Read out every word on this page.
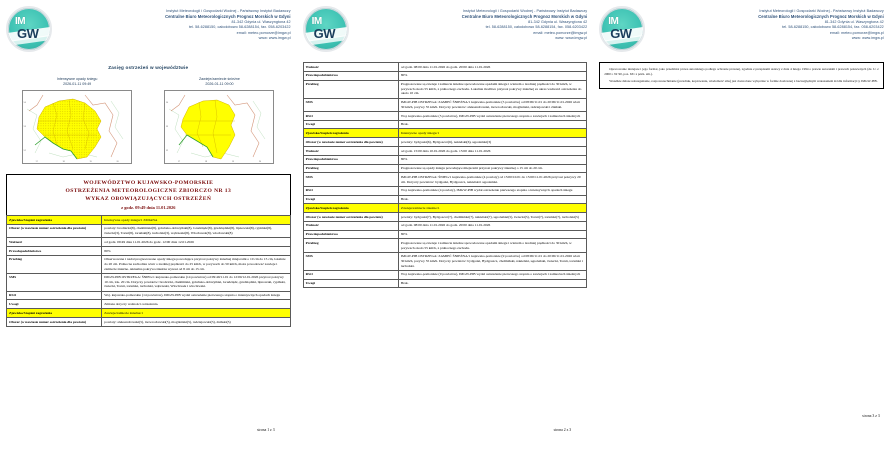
IM
GW
Instytut Meteorologii i Gospodarki Wodnej - Państwowy Instytut Badawczy
Centralne Biuro Meteorologicznych Prognoz Morskich w Gdyni
81-342 Gdynia ul. Waszyngtona 42
tel. 58-6288150, całodobowo 58-6288154, fax. 058-6203422
email: meteo.pomorze@imgw.pl
www: www.imgw.pl
Zasięg ostrzeżeń w województwie
Intensywne opady śniegu
2026-01-11 09:49
54
53
52

17	18	19	20
Zawieje/zamiecie śnieżne
2026-01-11 09:00
54
53
52
17	18	19	20
WOJEWÓDZTWO KUJAWSKO-POMORSKIE
OSTRZEŻENIA METEOROLOGICZNE ZBIORCZO NR 13
WYKAZ OBOWIĄZUJĄCYCH OSTRZEŻEŃ
z godz. 09:49 dnia 11.01.2026
Zjawisko/Stopień zagrożenia	Intensywne opady śniegu/1 ZMIANA
Obszar (w nawiasie numer ostrzeżenia dla powiatu)	powiaty: brodnicki(8), chełmiński(8), golubsko-dobrzyński(8), Grudziądz(8), grudziądzki(8), lipnowski(8), rypiński(8), świecki(3), Toruń(8), toruński(8), tucholski(3), wąbrzeski(8), Włocławek(8), włocławski(8)
Ważność	od godz. 09:49 dnia 11.01.2026 do godz. 12:00 dnia 12.01.2026
Prawdopodobieństwo	80%
Przebieg	Obserwowane i nadal prognozowane opady śniegu powodujące przyrost pokrywy śnieżnej miejscami o 10 cm do 15 cm, lokalnie do 20 cm. Północna zachodnia wiatr o średniej prędkości do 25 km/h, w porywach do 50 km/h, może powodować zawieje i zamiecie śnieżne. Aktualna pokrywa śnieżna wynosi od 8 cm do 15 cm.
SMS	IMGW-PIB OSTRZEGA: ŚNIEG/1 kujawsko-pomorskie (14 powiatów) od 09:49/11.01 do 12:00/12.01.2026 przyrost pokrywy 10 cm, lok. 20 cm. Dotyczy powiatów: brodzicki, chełmiński, golubsko-dobrzyński, Grudziądz, grudziądzki, lipnowski, rypiński, świecki, Toruń, toruński, tucholski, wąbrzeski, Włocławek i włocławski.
RSO	Woj. kujawsko-pomorskie (14 powiatów), IMGW-PIB wydał ostrzeżenie pierwszego stopnia o intensywnych opadach śniegu
Uwagi	Zmiana dotyczy ważności ostrzeżenia.
Zjawisko/Stopień zagrożenia	Zawieje/zamiecie śnieżne/1
Obszar (w nawiasie numer ostrzeżenia dla powiatu)	powiaty: aleksandrowski(5), inowrocławski(5), mogileński(5), radziejowski(5), żniński(5)
strona 1 z 3
IM
GW
Instytut Meteorologii i Gospodarki Wodnej - Państwowy Instytut Badawczy
Centralne Biuro Meteorologicznych Prognoz Morskich w Gdyni
81-342 Gdynia ul. Waszyngtona 42
tel. 58-6288150, całodobowo 58-6288154, fax. 058-6203422
email: meteo.pomorze@imgw.pl
www: www.imgw.pl
Ważność	od godz. 08:00 dnia 11.01.2026 do godz. 20:00 dnia 11.01.2026
Prawdopodobieństwo	80%
Przebieg	Prognozowane są zawieje i zamiecie śnieżne spowodowane opadami śniegu i wiatrem o średniej prędkości do 30 km/h, w porywach około 55 km/h, z północnego zachodu. Lokalnie możliwe przyrost pokrywy śnieżnej za okres ważności ostrzeżenia do około 10 cm.
SMS	IMGW-PIB OSTRZEGA: ZAMIEĆ ŚNIEŻNA/1 kujawsko-pomorskie (5 powiatów) od 08:00/11.01 do 20:00/11.01.2026 wiatr 30 km/h, porywy 55 km/h. Dotyczy powiatów: aleksandrowski, inowrocławski, mogileński, radziejowski i żniński.
RSO	Woj. kujawsko-pomorskie (5 powiatów), IMGW-PIB wydał ostrzeżenie pierwszego stopnia o zawiejach i zamieciach śnieżnych
Uwagi	Brak.
Zjawisko/Stopień zagrożenia	Intensywne opady śniegu/1
Obszar (w nawiasie numer ostrzeżenia dla powiatu)	powiaty: bydgoski(6), Bydgoszcz(6), nakielski(6), sępoleński(3)
Ważność	od godz. 15:00 dnia 10.01.2026 do godz. 15:00 dnia 11.01.2026
Prawdopodobieństwo	80%
Przebieg	Prognozowane są opady śniegu powodujące miejscami przyrost pokrywy śnieżnej o 15 cm do 20 cm.
SMS	IMGW-PIB OSTRZEGA: ŚNIEG/1 kujawsko-pomorskie (4 powiaty) od 15:00/10.01 do 15:00/11.01.2026 przyrost pokrywy 20 cm. Dotyczy powiatów: bydgoski, Bydgoszcz, nakielski i sępoleński.
RSO	Woj. kujawsko-pomorskie (4 powiaty), IMGW-PIB wydał ostrzeżenie pierwszego stopnia o intensywnych opadach śniegu
Uwagi	Brak.
Zjawisko/Stopień zagrożenia	Zawieje/zamiecie śnieżne/1
Obszar (w nawiasie numer ostrzeżenia dla powiatu)	powiaty: bydgoski(7), Bydgoszcz(7), chełmiński(7), nakielski(7), sępoleński(5), świecki(5), Toruń(7), toruński(7), tucholski(5)
Ważność	od godz. 08:00 dnia 11.01.2026 do godz. 20:00 dnia 11.01.2026
Prawdopodobieństwo	80%
Przebieg	Prognozowane są zawieje i zamiecie śnieżne spowodowane opadami śniegu i wiatrem o średniej prędkości do 30 km/h, w porywach około 55 km/h, z północnego zachodu.
SMS	IMGW-PIB OSTRZEGA: ZAMIEĆ ŚNIEŻNA/1 kujawsko-pomorskie (9 powiatów) od 08:00/11.01 do 20:00/11.01.2026 wiatr 30 km/h, porywy 55 km/h. Dotyczy powiatów: bydgoski, Bydgoszcz, chełmiński, nakielski, sępoleński, świecki, Toruń, toruński i tucholski.
RSO	Woj. kujawsko-pomorskie (9 powiatów), IMGW-PIB wydał ostrzeżenie pierwszego stopnia o zawiejach i zamieciach śnieżnych
Uwagi	Brak.
strona 2 z 3
IM
GW
Instytut Meteorologii i Gospodarki Wodnej - Państwowy Instytut Badawczy
Centralne Biuro Meteorologicznych Prognoz Morskich w Gdyni
81-342 Gdynia ul. Waszyngtona 42
tel. 58-6288150, całodobowo 58-6288154, fax. 058-6203422
email: meteo.pomorze@imgw.pl
www: www.imgw.pl

Opracowanie niniejsze i jego format, jako przedmiot prawa autorskiego podlega ochronie prawnej, zgodnie z przepisami ustawy z dnia 4 lutego 1994 o prawie autorskim i prawach pokrewnych (dz. U. z 2000 r. Nr 90, poz. 631 z późn. zm.).

Wszelkie dalsze udostępnianie, rozpowszechnianie (przedruk, kopiowanie, wiadomość sms) jest dozwolone wyłącznie w formie dosłownej z bezwzględnym wskazaniem źródła informacji tj. IMGW-PIB.

strona 3 z 3
